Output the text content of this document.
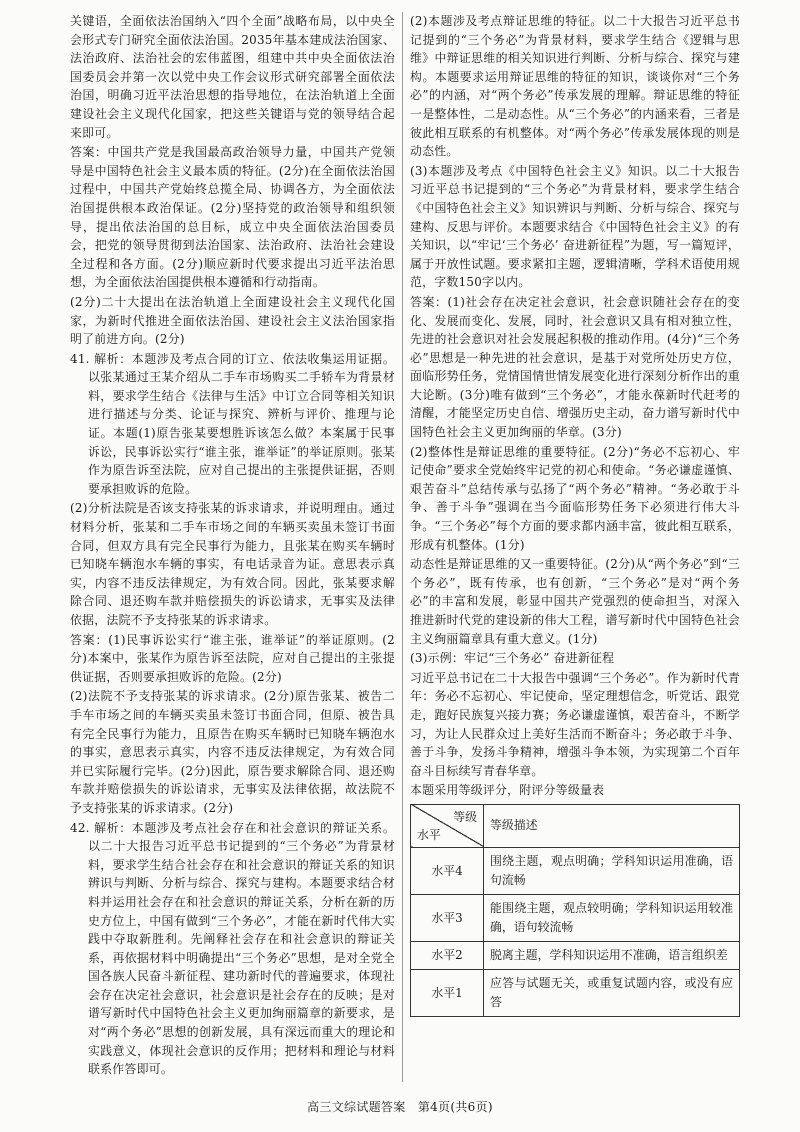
关键语，全面依法治国纳入“四个全面”战略布局，以中央全会形式专门研究全面依法治国。2035年基本建成法治国家、法治政府、法治社会的宏伟蓝图，组建中共中央全面依法治国委员会并第一次以党中央工作会议形式研究部署全面依法治国，明确习近平法治思想的指导地位，在法治轨道上全面建设社会主义现代化国家，把这些关键语与党的领导结合起来即可。

答案：中国共产党是我国最高政治领导力量，中国共产党领导是中国特色社会主义最本质的特征。(2分)在全面依法治国过程中，中国共产党始终总揽全局、协调各方，为全面依法治国提供根本政治保证。(2分)坚持党的政治领导和组织领导，提出依法治国的总目标，成立中央全面依法治国委员会，把党的领导贯彻到法治国家、法治政府、法治社会建设全过程和各方面。(2分)顺应新时代要求提出习近平法治思想，为全面依法治国提供根本遵循和行动指南。

(2分)二十大提出在法治轨道上全面建设社会主义现代化国家，为新时代推进全面依法治国、建设社会主义法治国家指明了前进方向。(2分)

41. 解析：本题涉及考点合同的订立、依法收集运用证据。以张某通过王某介绍从二手车市场购买二手轿车为背景材料，要求学生结合《法律与生活》中订立合同等相关知识进行描述与分类、论证与探究、辨析与评价、推理与论证。本题(1)原告张某要想胜诉该怎么做？本案属于民事诉讼，民事诉讼实行“谁主张，谁举证”的举证原则。张某作为原告诉至法院，应对自己提出的主张提供证据，否则要承担败诉的危险。

(2)分析法院是否该支持张某的诉求请求，并说明理由。通过材料分析，张某和二手车市场之间的车辆买卖虽未签订书面合同，但双方具有完全民事行为能力，且张某在购买车辆时已知晓车辆泡水车辆的事实，有电话录音为证。意思表示真实，内容不违反法律规定，为有效合同。因此，张某要求解除合同、退还购车款并赔偿损失的诉讼请求，无事实及法律依据，法院不予支持张某的诉求请求。

答案：(1)民事诉讼实行“谁主张，谁举证”的举证原则。(2分)本案中，张某作为原告诉至法院，应对自己提出的主张提供证据，否则要承担败诉的危险。(2分)

(2)法院不予支持张某的诉求请求。(2分)原告张某、被告二手车市场之间的车辆买卖虽未签订书面合同，但原、被告具有完全民事行为能力，且原告在购买车辆时已知晓车辆泡水的事实，意思表示真实，内容不违反法律规定，为有效合同并已实际履行完毕。(2分)因此，原告要求解除合同、退还购车款并赔偿损失的诉讼请求，无事实及法律依据，故法院不予支持张某的诉求请求。(2分)

42. 解析：本题涉及考点社会存在和社会意识的辩证关系。以二十大报告习近平总书记提到的“三个务必”为背景材料，要求学生结合社会存在和社会意识的辩证关系的知识辨识与判断、分析与综合、探究与建构。本题要求结合材料并运用社会存在和社会意识的辩证关系，分析在新的历史方位上，中国有做到“三个务必”，才能在新时代伟大实践中夺取新胜利。先阐释社会存在和社会意识的辩证关系，再依据材料中明确提出“三个务必”思想，是对全党全国各族人民奋斗新征程、建功新时代的普遍要求，体现社会存在决定社会意识，社会意识是社会存在的反映；是对谱写新时代中国特色社会主义更加绚丽篇章的新要求，是对“两个务必”思想的创新发展，具有深远而重大的理论和实践意义，体现社会意识的反作用；把材料和理论与材料联系作答即可。

(2)本题涉及考点辩证思维的特征。以二十大报告习近平总书记提到的“三个务必”为背景材料，要求学生结合《逻辑与思维》中辩证思维的相关知识进行判断、分析与综合、探究与建构。本题要求运用辩证思维的特征的知识，谈谈你对“三个务必”的内涵，对“两个务必”传承发展的理解。辩证思维的特征一是整体性，二是动态性。从“三个务必”的内涵来看，三者是彼此相互联系的有机整体。对“两个务必”传承发展体现的则是动态性。

(3)本题涉及考点《中国特色社会主义》知识。以二十大报告习近平总书记提到的“三个务必”为背景材料，要求学生结合《中国特色社会主义》知识辨识与判断、分析与综合、探究与建构、反思与评价。本题要求结合《中国特色社会主义》的有关知识，以“牢记‘三个务必’ 奋进新征程”为题，写一篇短评，属于开放性试题。要求紧扣主题，逻辑清晰，学科术语使用规范，字数150字以内。

答案：(1)社会存在决定社会意识，社会意识随社会存在的变化、发展而变化、发展，同时，社会意识又具有相对独立性，先进的社会意识对社会发展起积极的推动作用。(4分)“三个务必”思想是一种先进的社会意识，是基于对党所处历史方位，面临形势任务，党情国情世情发展变化进行深刻分析作出的重大论断。(3分)唯有做到“三个务必”，才能永葆新时代赶考的清醒，才能坚定历史自信、增强历史主动，奋力谱写新时代中国特色社会主义更加绚丽的华章。(3分)

(2)整体性是辩证思维的重要特征。(2分)“务必不忘初心、牢记使命”要求全党始终牢记党的初心和使命。“务必谦虚谨慎、艰苦奋斗”总结传承与弘扬了“两个务必”精神。“务必敢于斗争、善于斗争”强调在当今面临形势任务下必须进行伟大斗争。“三个务必”每个方面的要求都内涵丰富，彼此相互联系，形成有机整体。(1分)

动态性是辩证思维的又一重要特征。(2分)从“两个务必”到“三个务必”，既有传承，也有创新，“三个务必”是对“两个务必”的丰富和发展，彰显中国共产党强烈的使命担当，对深入推进新时代党的建设新的伟大工程，谱写新时代中国特色社会主义绚丽篇章具有重大意义。(1分)

(3)示例：牢记“三个务必” 奋进新征程

习近平总书记在二十大报告中强调“三个务必”。作为新时代青年：务必不忘初心、牢记使命，坚定理想信念，听党话、跟党走，跑好民族复兴接力赛；务必谦虚谨慎，艰苦奋斗，不断学习，为让人民群众过上美好生活而不断奋斗；务必敢于斗争、善于斗争，发扬斗争精神，增强斗争本领，为实现第二个百年奋斗目标续写青春华章。

本题采用等级评分，附评分等级量表

等级
水平	等级描述
水平4	围绕主题，观点明确；学科知识运用准确，语句流畅
水平3	能围绕主题，观点较明确；学科知识运用较准确，语句较流畅
水平2	脱离主题，学科知识运用不准确，语言组织差
水平1	应答与试题无关，或重复试题内容，或没有应答
高三文综试题答案　第4页(共6页)
